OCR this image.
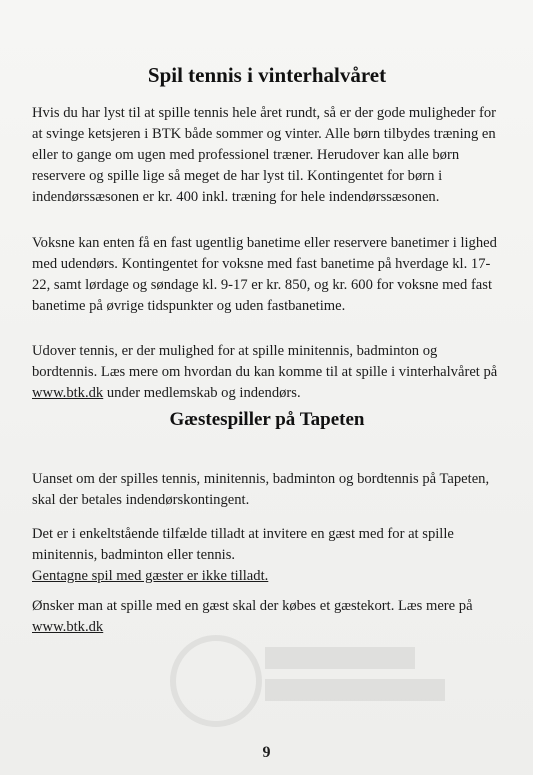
Spil tennis i vinterhalvåret

Hvis du har lyst til at spille tennis hele året rundt, så er der gode muligheder for at svinge ketsjeren i BTK både sommer og vinter. Alle børn tilbydes træning en eller to gange om ugen med professionel træner. Herudover kan alle børn reservere og spille lige så meget de har lyst til. Kontingentet for børn i indendørssæsonen er kr. 400 inkl. træning for hele indendørssæsonen.

Voksne kan enten få en fast ugentlig banetime eller reservere banetimer i lighed med udendørs. Kontingentet for voksne med fast banetime på hverdage kl. 17-22, samt lørdage og søndage kl. 9-17 er kr. 850, og kr. 600 for voksne med fast banetime på øvrige tidspunkter og uden fastbanetime.

Udover tennis, er der mulighed for at spille minitennis, badminton og bordtennis. Læs mere om hvordan du kan komme til at spille i vinterhalvåret på www.btk.dk under medlemskab og indendørs.

Gæstespiller på Tapeten

Uanset om der spilles tennis, minitennis, badminton og bordtennis på Tapeten, skal der betales indendørskontingent.

Det er i enkeltstående tilfælde tilladt at invitere en gæst med for at spille minitennis, badminton eller tennis.
Gentagne spil med gæster er ikke tilladt.

Ønsker man at spille med en gæst skal der købes et gæstekort. Læs mere på www.btk.dk

9
